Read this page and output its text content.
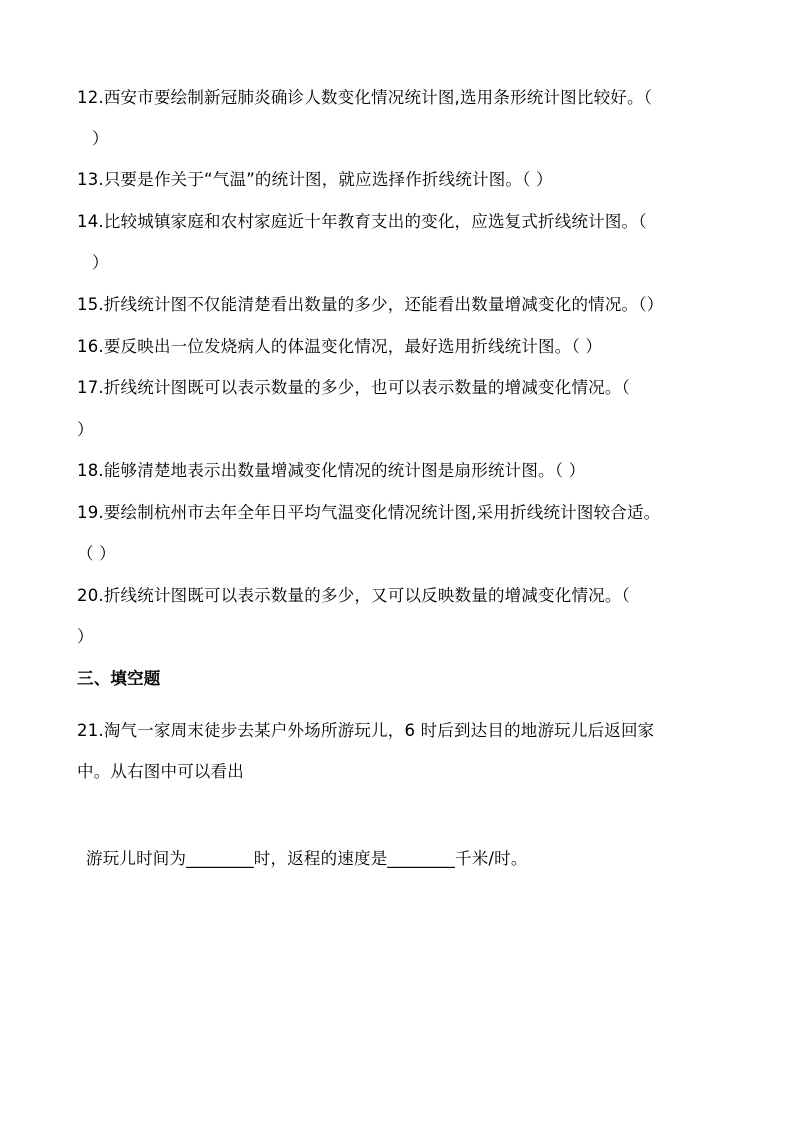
12.西安市要绘制新冠肺炎确诊人数变化情况统计图,选用条形统计图比较好。（
）
13.只要是作关于“气温”的统计图，就应选择作折线统计图。（ ）
14.比较城镇家庭和农村家庭近十年教育支出的变化，应选复式折线统计图。（
）
15.折线统计图不仅能清楚看出数量的多少，还能看出数量增减变化的情况。（）
16.要反映出一位发烧病人的体温变化情况，最好选用折线统计图。（ ）
17.折线统计图既可以表示数量的多少，也可以表示数量的增减变化情况。（
）
18.能够清楚地表示出数量增减变化情况的统计图是扇形统计图。（ ）
19.要绘制杭州市去年全年日平均气温变化情况统计图,采用折线统计图较合适。
（ ）
20.折线统计图既可以表示数量的多少，又可以反映数量的增减变化情况。（
）
三、填空题
21.淘气一家周末徒步去某户外场所游玩儿，6 时后到达目的地游玩儿后返回家
中。从右图中可以看出
游玩儿时间为________时，返程的速度是________千米/时。
